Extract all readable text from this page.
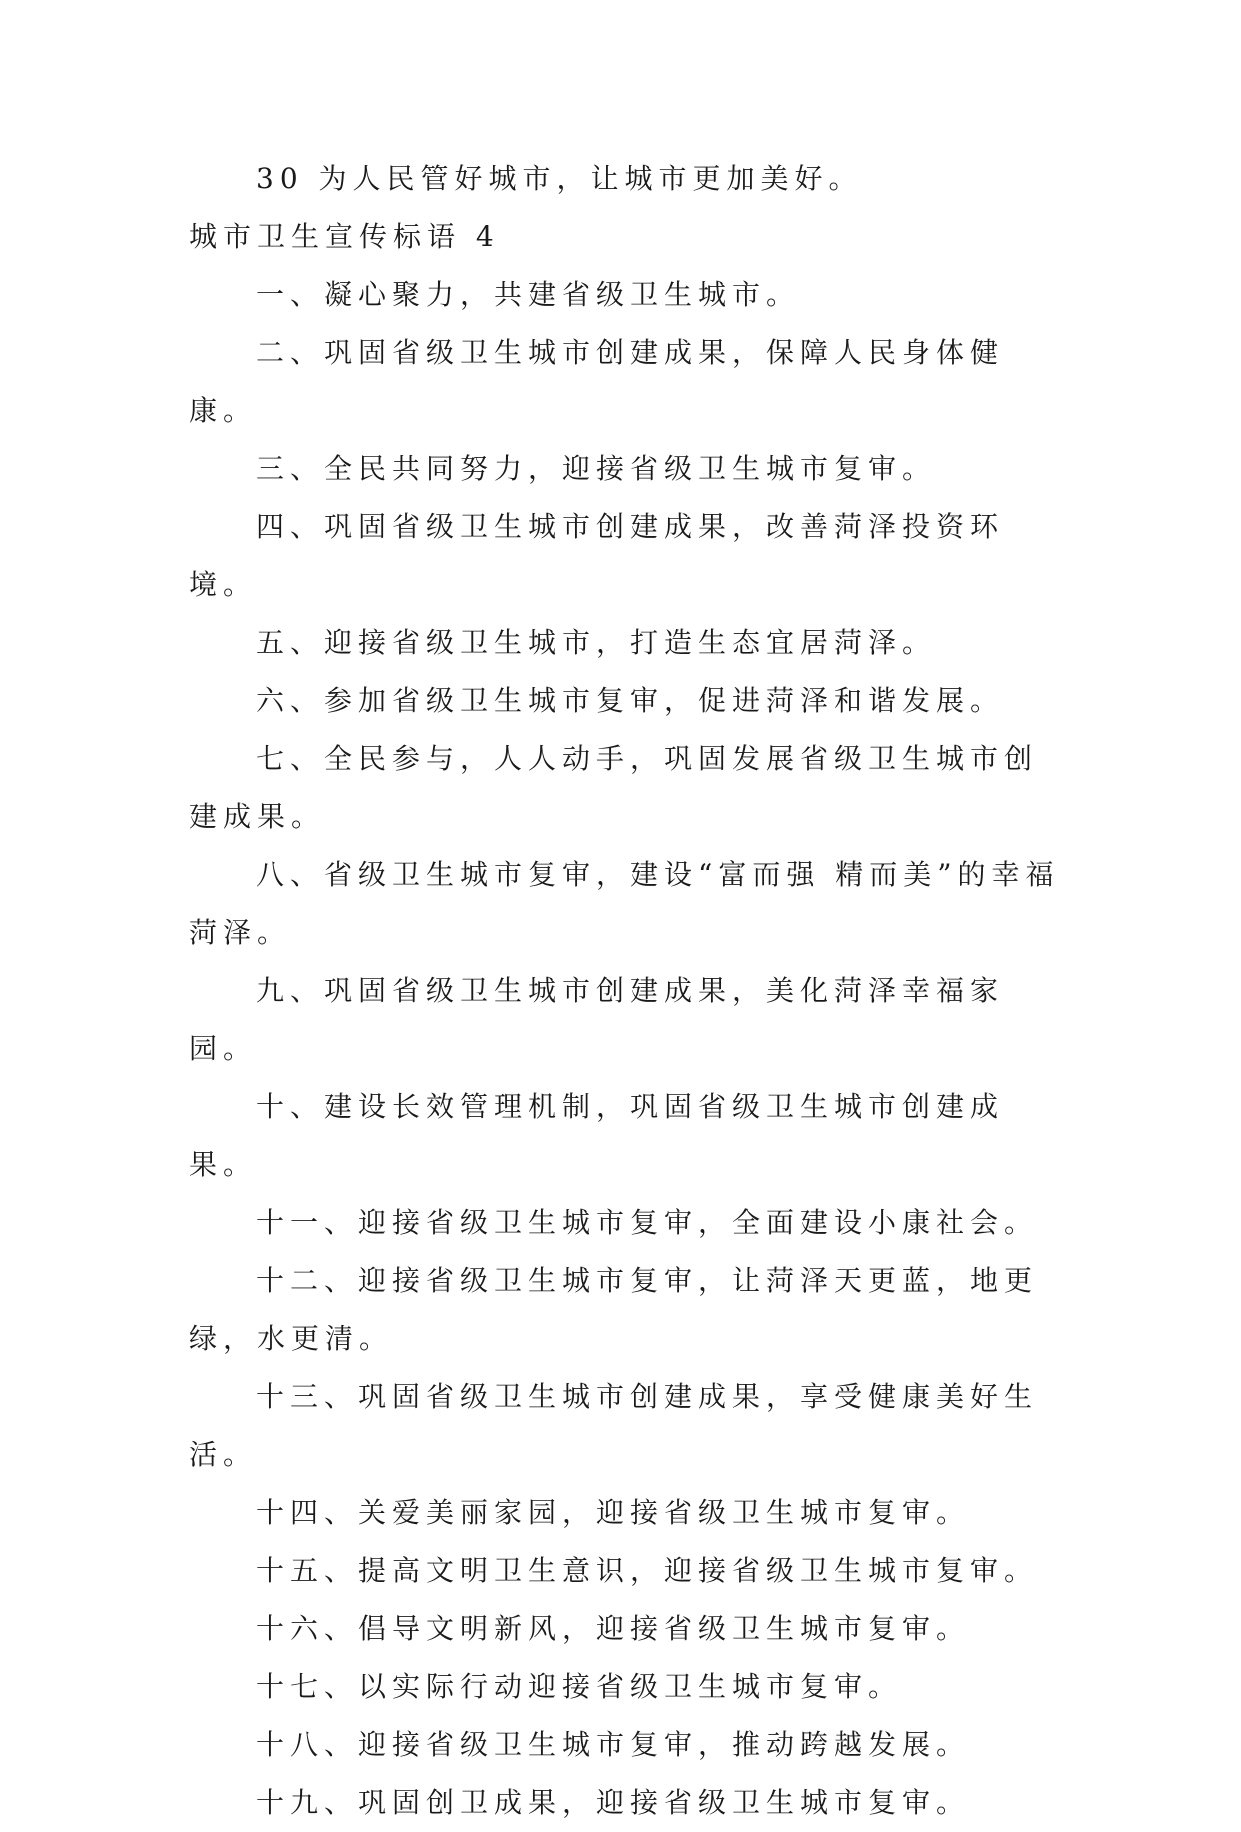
30 为人民管好城市，让城市更加美好。

城市卫生宣传标语 4

一、凝心聚力，共建省级卫生城市。

二、巩固省级卫生城市创建成果，保障人民身体健康。

三、全民共同努力，迎接省级卫生城市复审。

四、巩固省级卫生城市创建成果，改善菏泽投资环境。

五、迎接省级卫生城市，打造生态宜居菏泽。

六、参加省级卫生城市复审，促进菏泽和谐发展。

七、全民参与，人人动手，巩固发展省级卫生城市创建成果。

八、省级卫生城市复审，建设“富而强 精而美”的幸福菏泽。

九、巩固省级卫生城市创建成果，美化菏泽幸福家园。

十、建设长效管理机制，巩固省级卫生城市创建成果。

十一、迎接省级卫生城市复审，全面建设小康社会。

十二、迎接省级卫生城市复审，让菏泽天更蓝，地更绿，水更清。

十三、巩固省级卫生城市创建成果，享受健康美好生活。

十四、关爱美丽家园，迎接省级卫生城市复审。

十五、提高文明卫生意识，迎接省级卫生城市复审。

十六、倡导文明新风，迎接省级卫生城市复审。

十七、以实际行动迎接省级卫生城市复审。

十八、迎接省级卫生城市复审，推动跨越发展。

十九、巩固创卫成果，迎接省级卫生城市复审。
